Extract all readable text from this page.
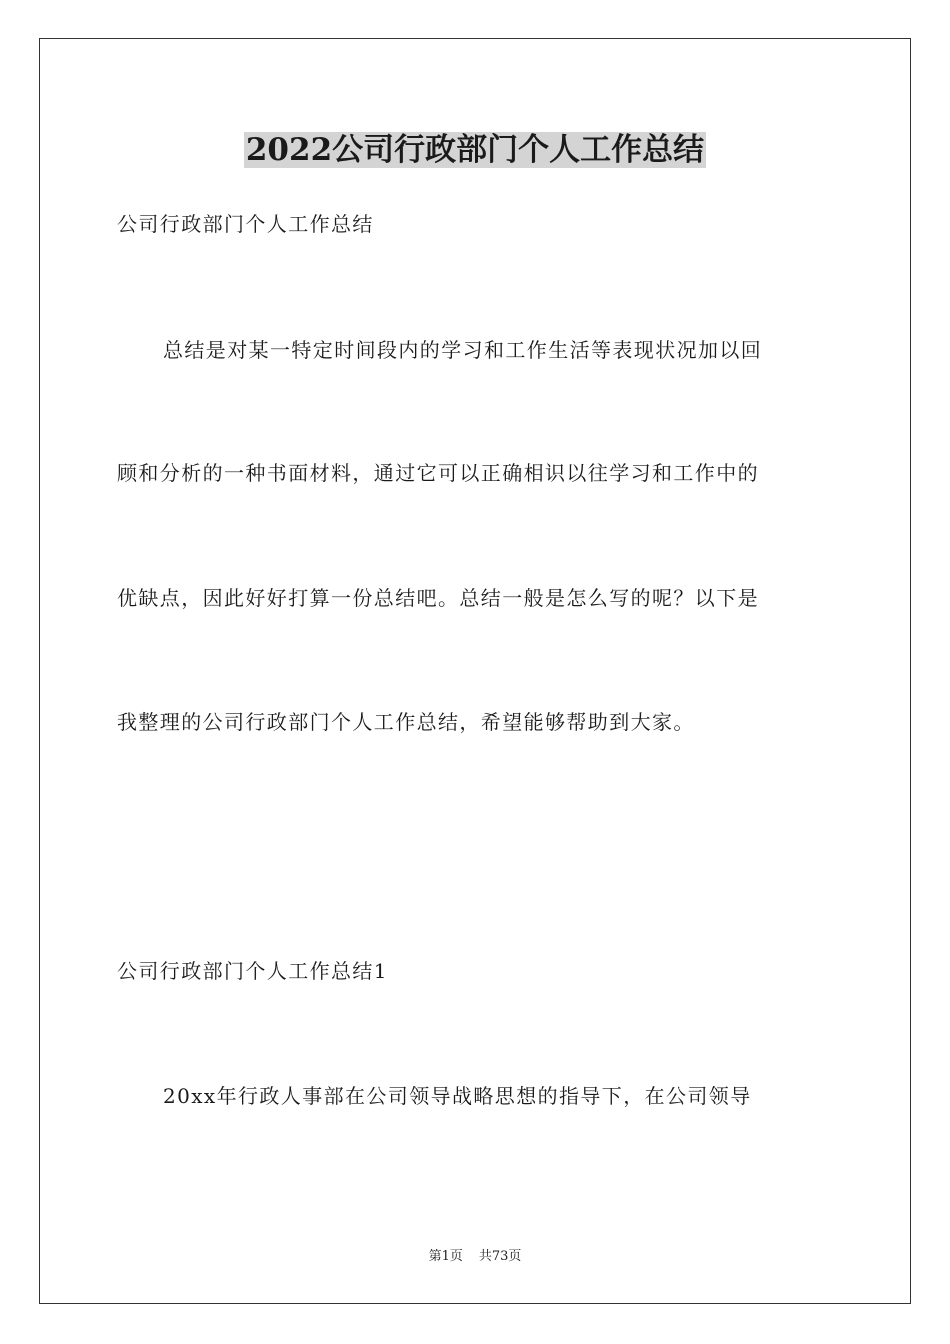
2022公司行政部门个人工作总结

公司行政部门个人工作总结

总结是对某一特定时间段内的学习和工作生活等表现状况加以回

顾和分析的一种书面材料，通过它可以正确相识以往学习和工作中的

优缺点，因此好好打算一份总结吧。总结一般是怎么写的呢？以下是

我整理的公司行政部门个人工作总结，希望能够帮助到大家。

公司行政部门个人工作总结1

20xx年行政人事部在公司领导战略思想的指导下，在公司领导

第1页 共73页
